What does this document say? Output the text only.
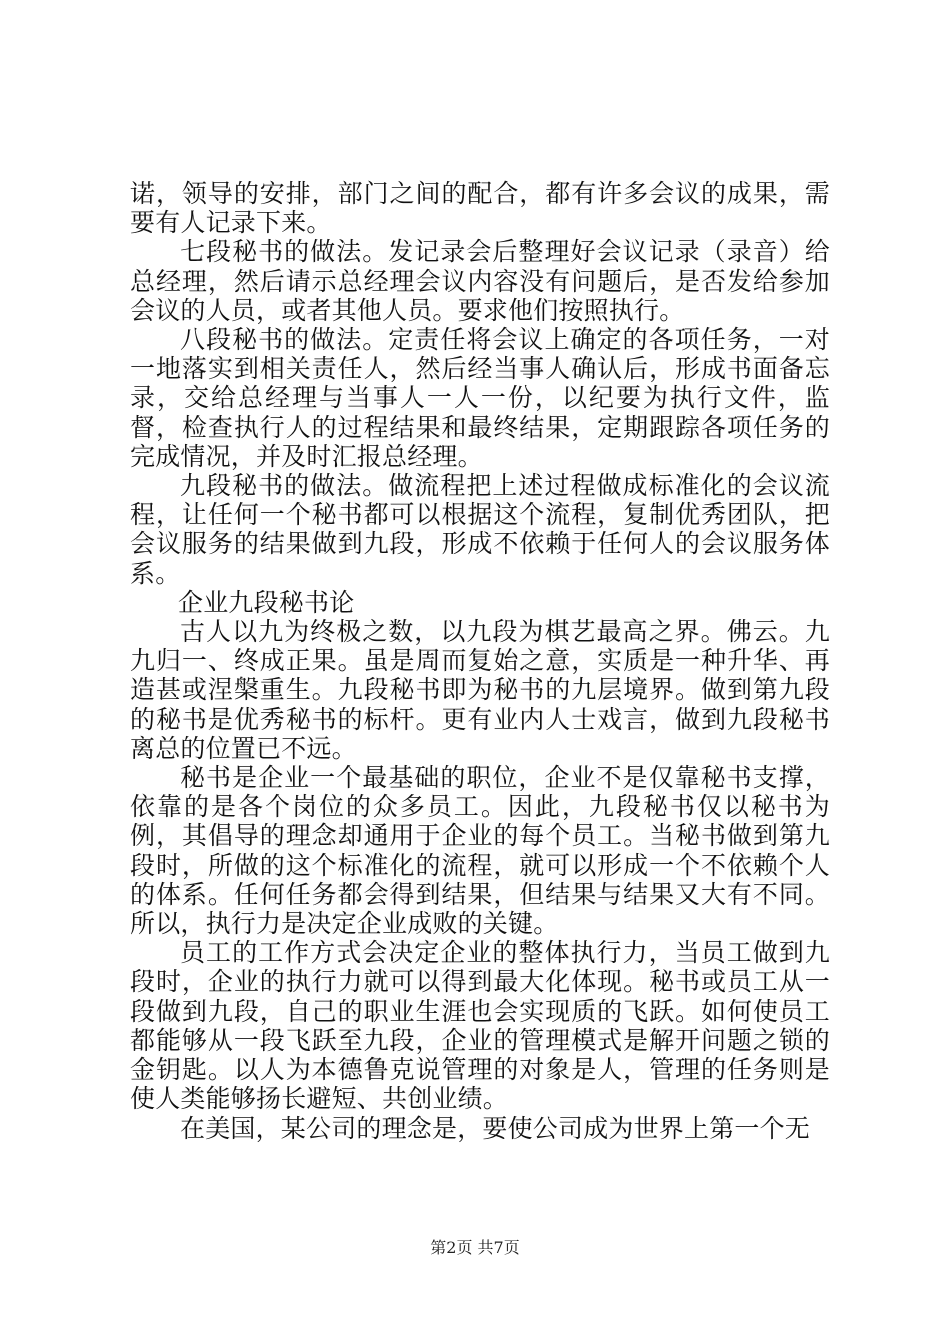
诺，领导的安排，部门之间的配合，都有许多会议的成果，需要有人记录下来。

七段秘书的做法。发记录会后整理好会议记录（录音）给总经理，然后请示总经理会议内容没有问题后，是否发给参加会议的人员，或者其他人员。要求他们按照执行。

八段秘书的做法。定责任将会议上确定的各项任务，一对一地落实到相关责任人，然后经当事人确认后，形成书面备忘录，交给总经理与当事人一人一份，以纪要为执行文件，监督，检查执行人的过程结果和最终结果，定期跟踪各项任务的完成情况，并及时汇报总经理。

九段秘书的做法。做流程把上述过程做成标准化的会议流程，让任何一个秘书都可以根据这个流程，复制优秀团队，把会议服务的结果做到九段，形成不依赖于任何人的会议服务体系。

企业九段秘书论

古人以九为终极之数，以九段为棋艺最高之界。佛云。九九归一、终成正果。虽是周而复始之意，实质是一种升华、再造甚或涅槃重生。九段秘书即为秘书的九层境界。做到第九段的秘书是优秀秘书的标杆。更有业内人士戏言，做到九段秘书离总的位置已不远。

秘书是企业一个最基础的职位，企业不是仅靠秘书支撑，依靠的是各个岗位的众多员工。因此，九段秘书仅以秘书为例，其倡导的理念却通用于企业的每个员工。当秘书做到第九段时，所做的这个标准化的流程，就可以形成一个不依赖个人的体系。任何任务都会得到结果，但结果与结果又大有不同。所以，执行力是决定企业成败的关键。

员工的工作方式会决定企业的整体执行力，当员工做到九段时，企业的执行力就可以得到最大化体现。秘书或员工从一段做到九段，自己的职业生涯也会实现质的飞跃。如何使员工都能够从一段飞跃至九段，企业的管理模式是解开问题之锁的金钥匙。以人为本德鲁克说管理的对象是人，管理的任务则是使人类能够扬长避短、共创业绩。

在美国，某公司的理念是，要使公司成为世界上第一个无

第2页 共7页
